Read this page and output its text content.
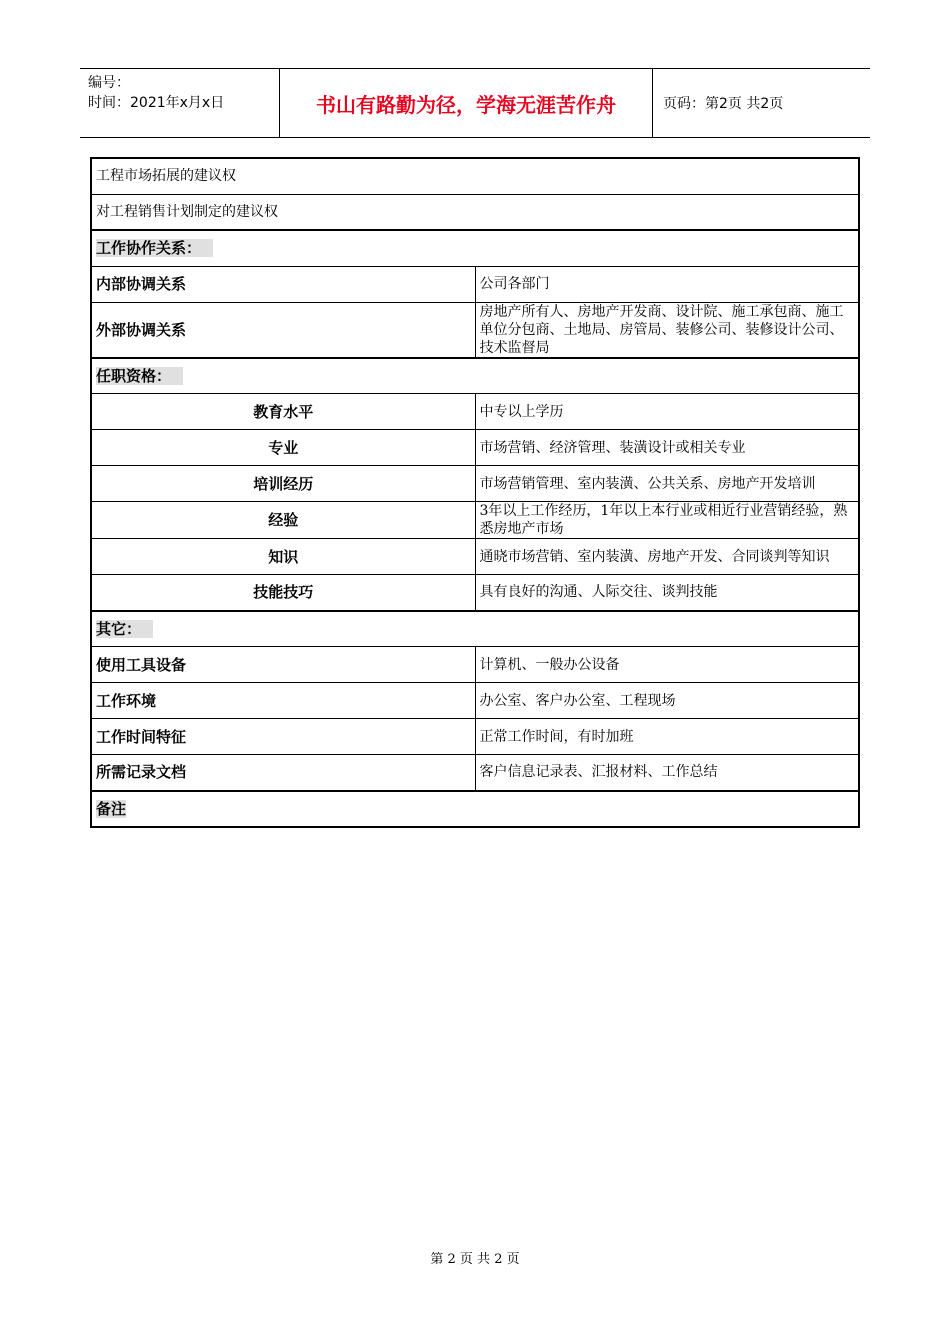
编号：
时间：2021年x月x日	书山有路勤为径，学海无涯苦作舟	页码：第2页 共2页
工程市场拓展的建议权	
对工程销售计划制定的建议权	
工作协作关系：	
内部协调关系	公司各部门
外部协调关系	房地产所有人、房地产开发商、设计院、施工承包商、施工单位分包商、土地局、房管局、装修公司、装修设计公司、技术监督局
任职资格：	
教育水平	中专以上学历
专业	市场营销、经济管理、装潢设计或相关专业
培训经历	市场营销管理、室内装潢、公共关系、房地产开发培训
经验	3年以上工作经历，1年以上本行业或相近行业营销经验，熟悉房地产市场
知识	通晓市场营销、室内装潢、房地产开发、合同谈判等知识
技能技巧	具有良好的沟通、人际交往、谈判技能
其它：	
使用工具设备	计算机、一般办公设备
工作环境	办公室、客户办公室、工程现场
工作时间特征	正常工作时间，有时加班
所需记录文档	客户信息记录表、汇报材料、工作总结
备注	
第 2 页 共 2 页
